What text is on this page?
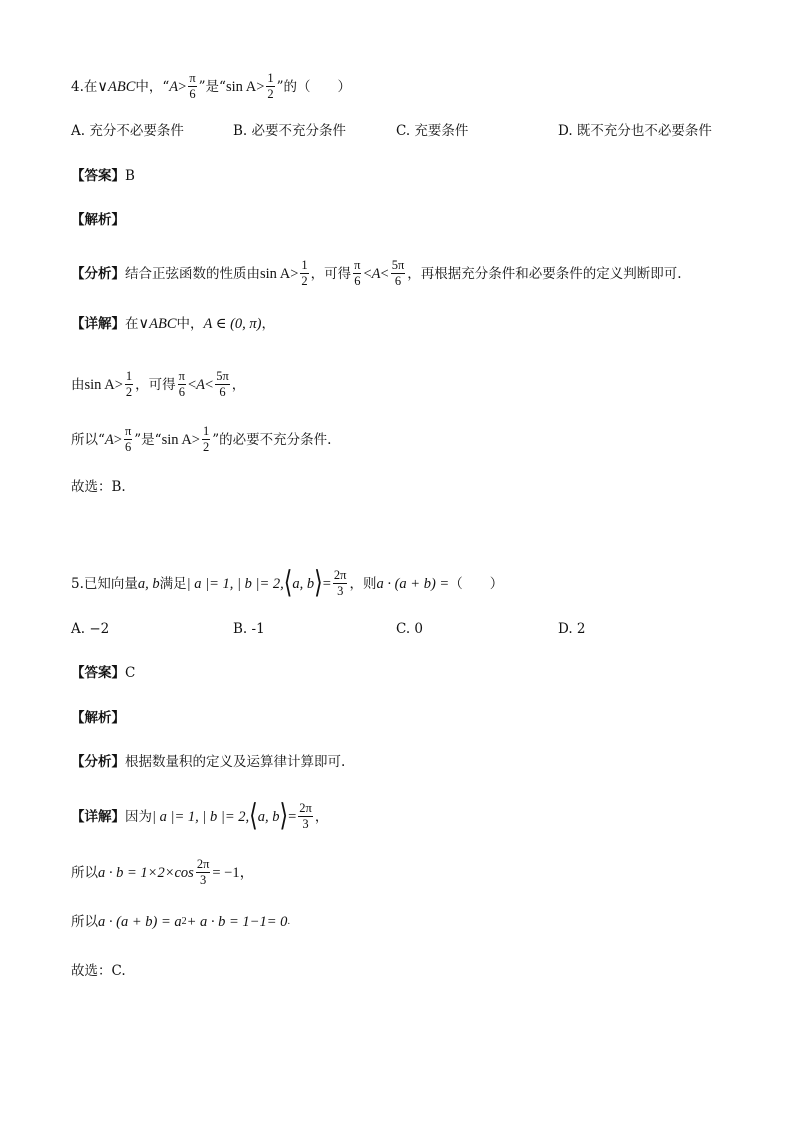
4. 在 ∨ABC 中，“ $A > \frac{\pi}{6}$ ”是“ $\sin A > \frac{1}{2}$ ”的（　　）
A. 充分不必要条件	B. 必要不充分条件	C. 充要条件	D. 既不充分也不必要条件
【答案】 B
【解析】
【分析】 结合正弦函数的性质由 $\sin A > \frac{1}{2}$ ，可得 $\frac{\pi}{6} < A < \frac{5\pi}{6}$ ，再根据充分条件和必要条件的定义判断即可.
【详解】 在 ∨ABC 中， A ∈ (0, π) ，
由 $\sin A > \frac{1}{2}$ ，可得 $\frac{\pi}{6} < A < \frac{5\pi}{6}$ ，
所以“ $A > \frac{\pi}{6}$ ”是“ $\sin A > \frac{1}{2}$ ”的必要不充分条件.
故选：B.
5. 已知向量 a, b 满足 | a |= 1, | b |= 2, ⟨ a, b ⟩ = $\frac{2\pi}{3}$ ，则 a · (a + b) = （　　）
A. −2	B. -1	C. 0	D. 2
【答案】 C
【解析】
【分析】 根据数量积的定义及运算律计算即可.
【详解】 因为 | a |= 1, | b |= 2, ⟨ a, b ⟩ = $\frac{2\pi}{3}$ ，
所以 $a \cdot b = 1\times 2\times\cos \frac{2\pi}{3} = -1$，
所以 a · (a + b) = a 2 + a · b = 1−1= 0 .
故选：C.
